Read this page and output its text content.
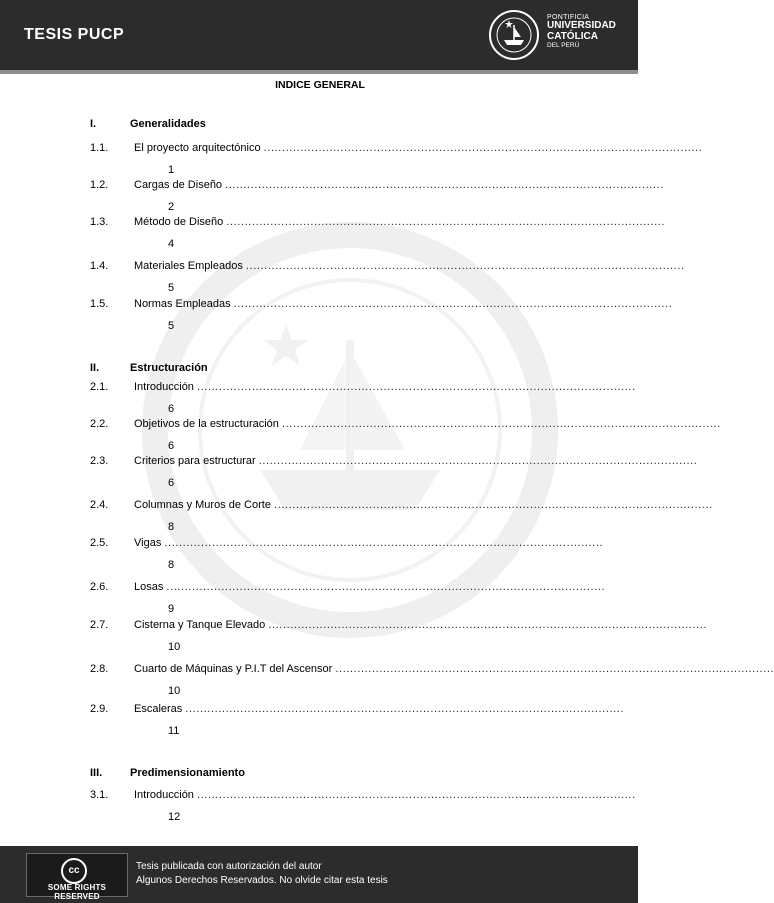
TESIS PUCP
PONTIFICIA
UNIVERSIDAD
CATÓLICA
DEL PERÚ
INDICE GENERAL
I.	Generalidades
1.1. El proyecto arquitectónico ........................................................................................................................
1
1.2. Cargas de Diseño ........................................................................................................................
2
1.3. Método de Diseño ........................................................................................................................
4
1.4. Materiales Empleados ........................................................................................................................
5
1.5. Normas Empleadas ........................................................................................................................
5
II.	Estructuración
2.1. Introducción ........................................................................................................................
6
2.2. Objetivos de la estructuración ........................................................................................................................
6
2.3. Criterios para estructurar ........................................................................................................................
6
2.4. Columnas y Muros de Corte ........................................................................................................................
8
2.5. Vigas ........................................................................................................................
8
2.6. Losas ........................................................................................................................
9
2.7. Cisterna y Tanque Elevado ........................................................................................................................
10
2.8. Cuarto de Máquinas y P.I.T del Ascensor ........................................................................................................................
10
2.9. Escaleras ........................................................................................................................
11
III.	Predimensionamiento
3.1. Introducción ........................................................................................................................
12
cc
SOME RIGHTS RESERVED
Tesis publicada con autorización del autor
Algunos Derechos Reservados. No olvide citar esta tesis
